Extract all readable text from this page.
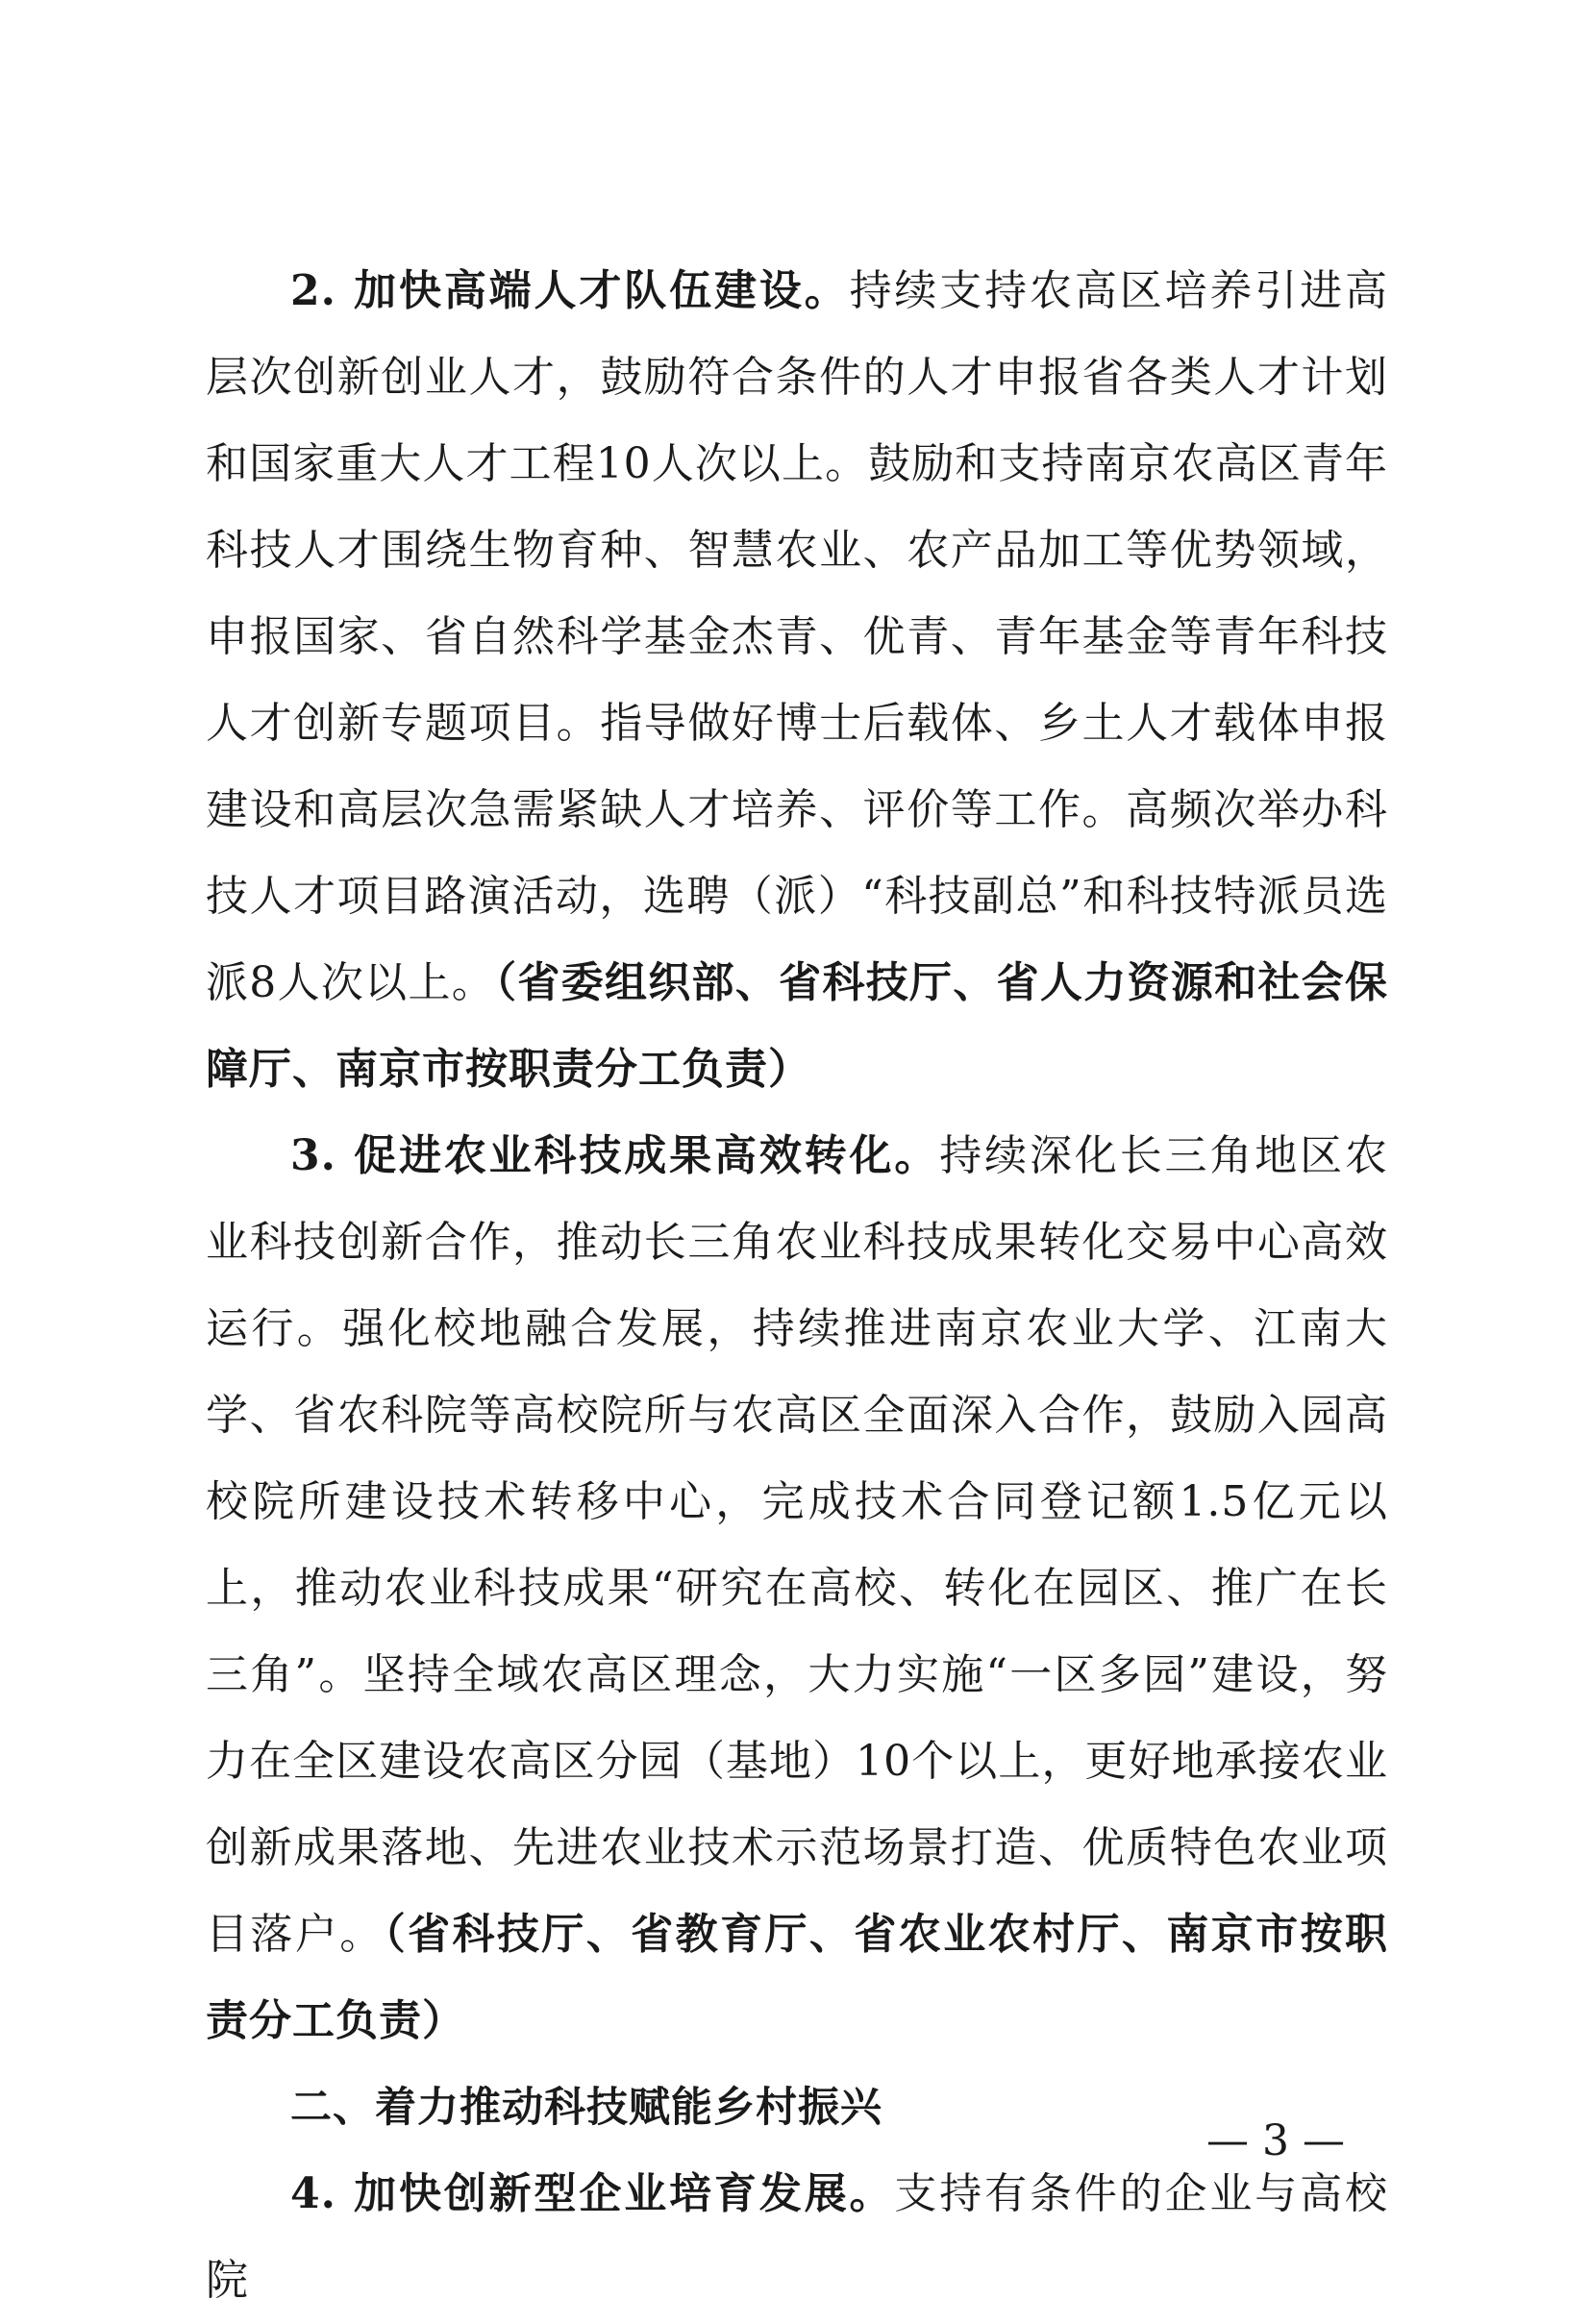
2. 加快高端人才队伍建设。持续支持农高区培养引进高层次创新创业人才，鼓励符合条件的人才申报省各类人才计划和国家重大人才工程10人次以上。鼓励和支持南京农高区青年科技人才围绕生物育种、智慧农业、农产品加工等优势领域，申报国家、省自然科学基金杰青、优青、青年基金等青年科技人才创新专题项目。指导做好博士后载体、乡土人才载体申报建设和高层次急需紧缺人才培养、评价等工作。高频次举办科技人才项目路演活动，选聘（派）“科技副总”和科技特派员选派8人次以上。（省委组织部、省科技厅、省人力资源和社会保障厅、南京市按职责分工负责）

3. 促进农业科技成果高效转化。持续深化长三角地区农业科技创新合作，推动长三角农业科技成果转化交易中心高效运行。强化校地融合发展，持续推进南京农业大学、江南大学、省农科院等高校院所与农高区全面深入合作，鼓励入园高校院所建设技术转移中心，完成技术合同登记额1.5亿元以上，推动农业科技成果“研究在高校、转化在园区、推广在长三角”。坚持全域农高区理念，大力实施“一区多园”建设，努力在全区建设农高区分园（基地）10个以上，更好地承接农业创新成果落地、先进农业技术示范场景打造、优质特色农业项目落户。（省科技厅、省教育厅、省农业农村厅、南京市按职责分工负责）

二、着力推动科技赋能乡村振兴

4. 加快创新型企业培育发展。支持有条件的企业与高校院

— 3 —
